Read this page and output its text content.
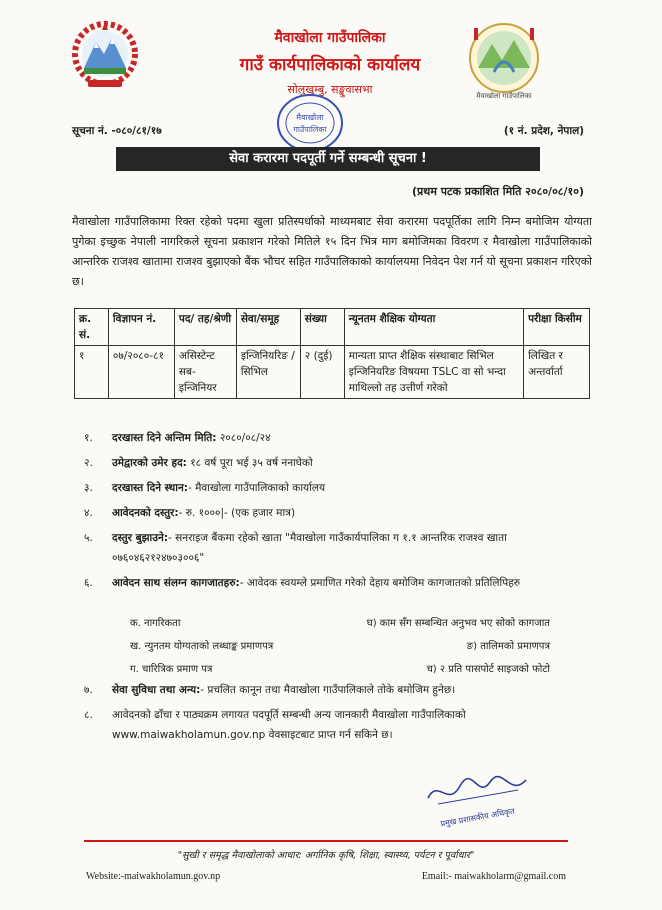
मैवाखोला गाउँपालिका
गाउँ कार्यपालिकाको कार्यालय
सोलुखुम्बु, सङ्खुवासभा	मैवाखोला गाउँपालिका
मैवाखोला
गाउँपालिका
सूचना नं. -०८०/८१/१७	(१ नं. प्रदेश, नेपाल)
सेवा करारमा पदपूर्ती गर्ने सम्बन्धी सूचना !
(प्रथम पटक प्रकाशित मिति २०८०/०८/१०)
मैवाखोला गाउँपालिकामा रिक्त रहेको पदमा खुला प्रतिस्पर्धाको माध्यमबाट सेवा करारमा पदपूर्तिका लागि निम्न बमोजिम योग्यता पुगेका इच्छुक नेपाली नागरिकले सूचना प्रकाशन गरेको मितिले १५ दिन भित्र माग बमोजिमका विवरण र मैवाखोला गाउँपालिकाको आन्तरिक राजश्व खातामा राजश्व बुझाएको बैंक भौचर सहित गाउँपालिकाको कार्यालयमा निवेदन पेश गर्न यो सूचना प्रकाशन गरिएको छ।
क्र. सं.	विज्ञापन नं.	पद/ तह/श्रेणी	सेवा/समूह	संख्या	न्यूनतम शैक्षिक योग्यता	परीक्षा किसीम
१	०७/२०८०-८१	असिस्टेन्ट सब-इन्जिनियर	इन्जिनियरिङ /सिभिल	२ (दुई)	मान्यता प्राप्त शैक्षिक संस्थाबाट सिभिल इन्जिनियरिङ विषयमा TSLC वा सो भन्दा माथिल्लो तह उत्तीर्ण गरेको	लिखित र अन्तर्वार्ता
१. दरखास्त दिने अन्तिम मिति: २०८०/०८/२४
२. उमेद्वारको उमेर हद: १८ वर्ष पूरा भई ३५ वर्ष ननाघेको
३. दरखास्त दिने स्थान:- मैवाखोला गाउँपालिकाको कार्यालय
४. आवेदनको दस्तुर:- रु. १०००|- (एक हजार मात्र)
५. दस्तुर बुझाउने:- सनराइज बैंकमा रहेको खाता "मैवाखोला गाउँकार्यपालिका ग १.१ आन्तरिक राजश्व खाता ०७६०४६२१२४७०३००६"
६. आवेदन साथ संलग्न कागजातहरु:- आवेदक स्वयम्ले प्रमाणित गरेको देहाय बमोजिम कागजातको प्रतिलिपिहरु
क. नागरिकता	घ) काम सँग सम्बन्धित अनुभव भए सोको कागजात
ख. न्युनतम योग्यताको लब्धाङ्क प्रमाणपत्र	ङ) तालिमको प्रमाणपत्र
ग. चारित्रिक प्रमाण पत्र	च) २ प्रति पासपोर्ट साइजको फोटो
७. सेवा सुविधा तथा अन्य:- प्रचलित कानून तथा मैवाखोला गाउँपालिकाले तोके बमोजिम हुनेछ।
८. आवेदनको ढाँचा र पाठ्यक्रम लगायत पदपूर्ति सम्बन्धी अन्य जानकारी मैवाखोला गाउँपालिकाको www.maiwakholamun.gov.np वेवसाइटबाट प्राप्त गर्न सकिने छ।
प्रमुख प्रशासकीय अधिकृत
"सुखी र समृद्ध मैवाखोलाको आधार: अर्गानिक कृषि, शिक्षा, स्वास्थ्य, पर्यटन र पूर्वाधार"
Website:-maiwakholamun.gov.np	Email:- maiwakholarm@gmail.com
